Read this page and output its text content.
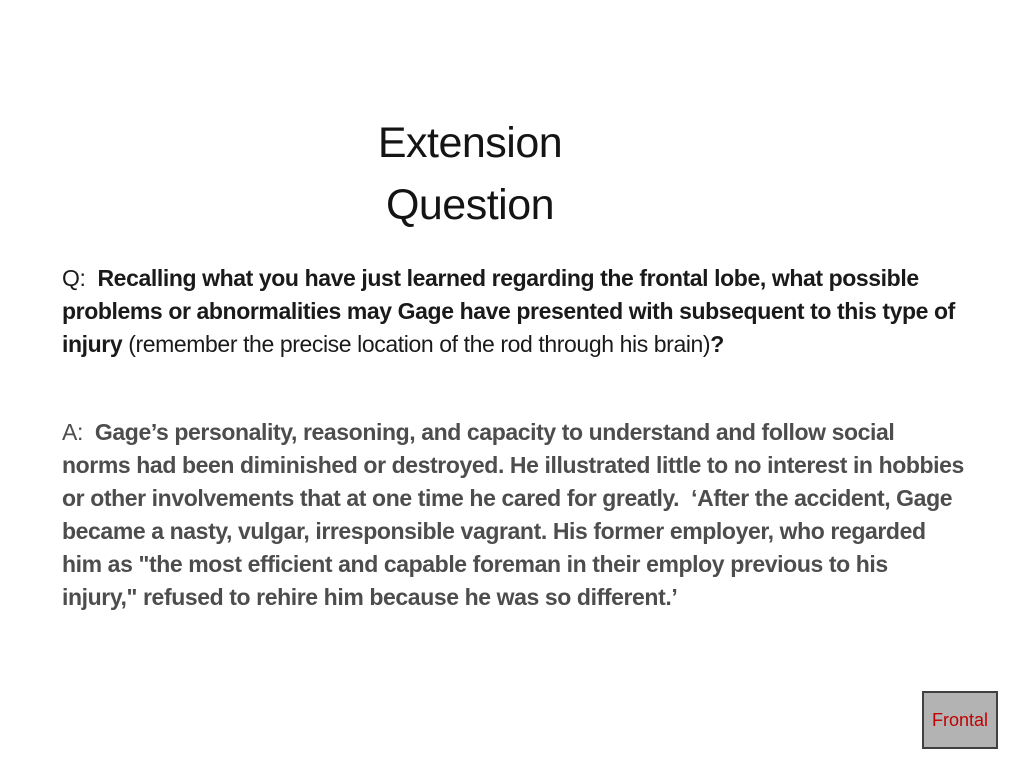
Extension
Question

Q:  Recalling what you have just learned regarding the frontal lobe, what possible problems or abnormalities may Gage have presented with subsequent to this type of injury (remember the precise location of the rod through his brain)?

A:  Gage’s personality, reasoning, and capacity to understand and follow social norms had been diminished or destroyed. He illustrated little to no interest in hobbies or other involvements that at one time he cared for greatly.  ‘After the accident, Gage became a nasty, vulgar, irresponsible vagrant. His former employer, who regarded him as "the most efficient and capable foreman in their employ previous to his injury," refused to rehire him because he was so different.’

Frontal
